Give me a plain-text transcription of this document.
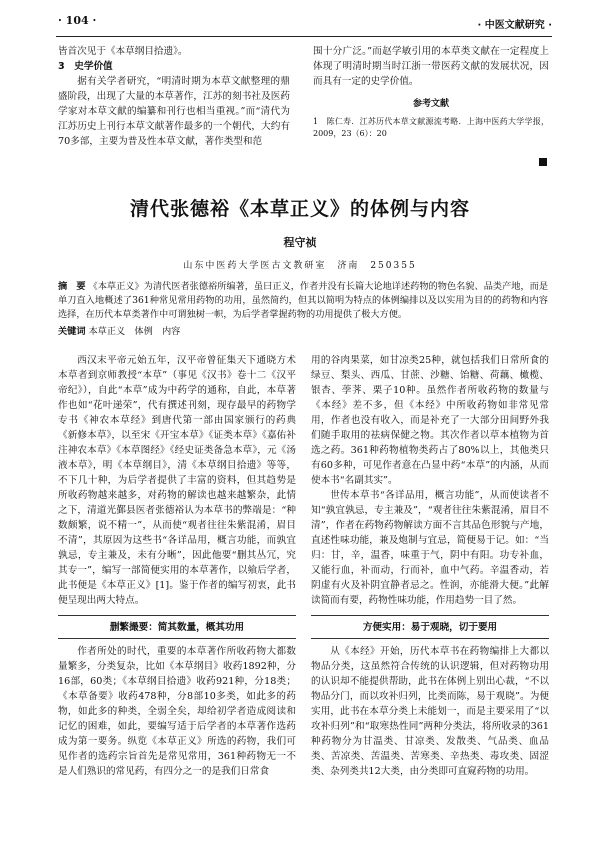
· 104 ·	· 中医文献研究 ·

皆首次见于《本草纲目拾遗》。

3　史学价值

据有关学者研究，“明清时期为本草文献整理的鼎盛阶段，出现了大量的本草著作，江苏的刻书社及医药学家对本草文献的编纂和刊行也相当重视。”而“清代为江苏历史上刊行本草文献著作最多的一个朝代，大约有70多部，主要为普及性本草文献，著作类型和范

围十分广泛。”而赵学敏引用的本草类文献在一定程度上体现了明清时期当时江浙一带医药文献的发展状况，因而具有一定的史学价值。

参考文献

1　陈仁寿．江苏历代本草文献源流考略．上海中医药大学学报，2009，23（6）：20

清代张德裕《本草正义》的体例与内容
程守祯
山东中医药大学医古文教研室　济南　250355
摘　要 《本草正义》为清代医者张德裕所编著，虽曰正义，作者并没有长篇大论地详述药物的物色名貌、品类产地，而是单刀直入地概述了361种常见常用药物的功用，虽然简约，但其以简明为特点的体例编排以及以实用为目的的药物和内容选择，在历代本草类著作中可谓独树一帜，为后学者掌握药物的功用提供了极大方便。
关键词 本草正义　体例　内容

西汉末平帝元始五年，汉平帝曾征集天下通晓方术本草者到京师教授“本草”（事见《汉书》卷十二《汉平帝纪》），自此“本草”成为中药学的通称，自此，本草著作也如“花叶递荣”，代有撰述刊刻，现存最早的药物学专书《神农本草经》到唐代第一部由国家颁行的药典《新修本草》，以至宋《开宝本草》《证类本草》《嘉佑补注神农本草》《本草图经》《经史证类备急本草》，元《汤液本草》，明《本草纲目》，清《本草纲目拾遗》等等，不下几十种，为后学者提供了丰富的资料，但其趋势是所收药物越来越多，对药物的解读也越来越繁杂，此情之下，清道光鄞县医者张德裕认为本草书的弊端是：“种数颇繁，说不精一”，从而使“观者往往朱紫混淆，眉目不清”，其原因为这些书“各详品用，概言功能，而孰宜孰忌，专主兼及，未有分晰”，因此他要“删其丛冗，究其专一”，编写一部简便实用的本草著作，以飨后学者，此书便是《本草正义》[1]。鉴于作者的编写初衷，此书便呈现出两大特点。

删繁撮要：简其数量，概其功用

作者所处的时代，重要的本草著作所收药物大都数量繁多，分类复杂，比如《本草纲目》收药1892种，分16部，60类；《本草纲目拾遗》收药921种，分18类；《本草备要》收药478种，分8部10多类，如此多的药物，如此多的种类，全弱全矣，却给初学者造成阅读和记忆的困难，如此，要编写适于后学者的本草著作选药成为第一要务。纵览《本草正义》所选的药物，我们可见作者的选药宗旨首先是常见常用，361种药物无一不是人们熟识的常见药，有四分之一的是我们日常食

用的谷肉果菜，如甘凉类25种，就包括我们日常所食的绿豆、梨头、西瓜、甘蔗、沙糖、饴糖、荷藕、橄榄、银杏、荸荠、栗子10种。虽然作者所收药物的数量与《本经》差不多，但《本经》中所收药物如非常见常用，作者也没有收入，而是补充了一大部分田间野外我们随手取用的祛病保健之物。其次作者以草本植物为首选之药。361种药物植物类药占了80%以上，其他类只有60多种，可见作者意在凸显中药“本草”的内涵，从而使本书“名副其实”。

世传本草书“各详品用，概言功能”，从而使读者不知“孰宜孰忌，专主兼及”，“观者往往朱紫混淆，眉目不清”，作者在药物药物解读方面不言其品色形貌与产地，直述性味功能，兼及炮制与宜忌，简便易于记。如：“当归：甘，辛，温香，味重于气，阴中有阳。功专补血，又能行血，补而动，行而补，血中气药。辛温香动，若阴虚有火及补阴宜静者忌之。性润，亦能滑大便。”此解读简而有要，药物性味功能，作用趋势一目了然。

方便实用：易于观晓，切于要用

从《本经》开始，历代本草书在药物编排上大都以物品分类，这虽然符合传统的认识逻辑，但对药物功用的认识却不能提供帮助，此书在体例上别出心裁，“不以物品分门，而以攻补归列，比类而陈，易于观晓”。为便实用，此书在本草分类上未能划一，而是主要采用了“以攻补归列”和“取寒热性同”两种分类法，将所收录的361种药物分为甘温类、甘凉类、发散类、气品类、血品类、苦凉类、苦温类、苦寒类、辛热类、毒攻类、固涩类、杂列类共12大类，由分类即可直窥药物的功用。
